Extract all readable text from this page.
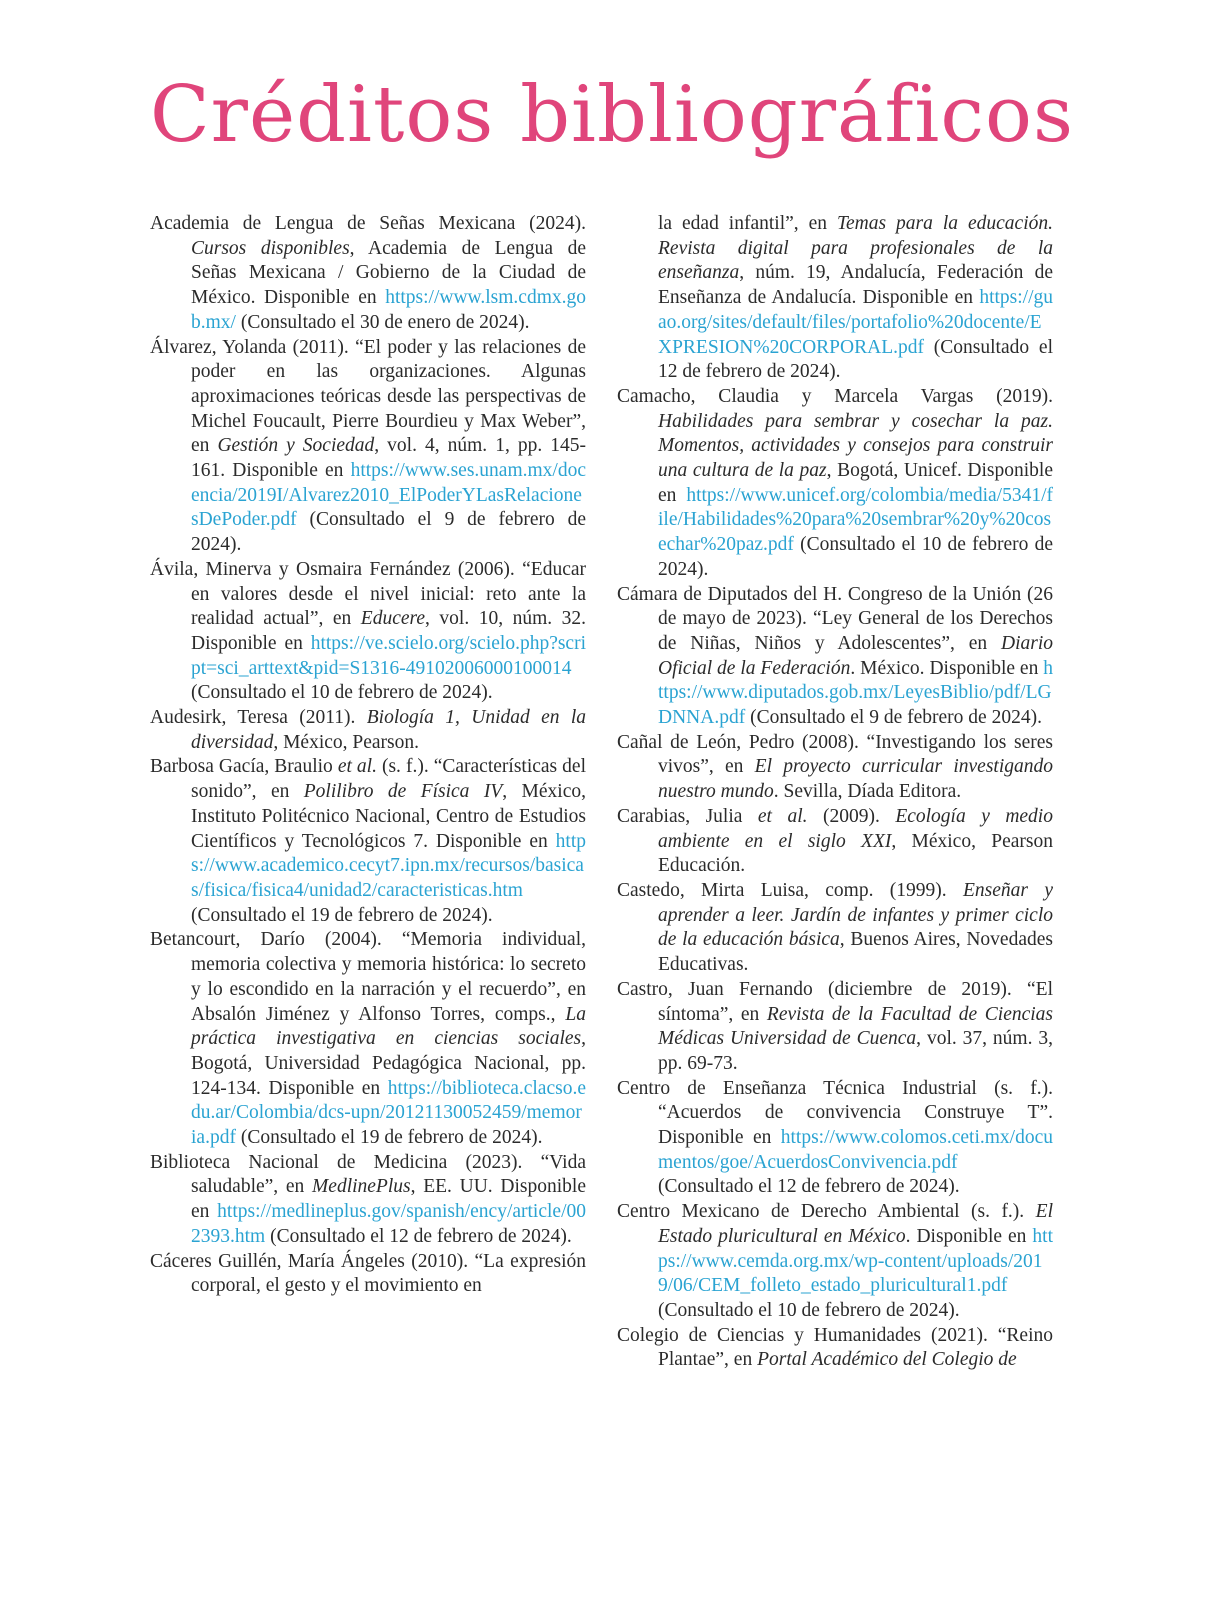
Créditos bibliográficos

Academia de Lengua de Señas Mexicana (2024). Cursos disponibles, Academia de Lengua de Señas Mexicana / Gobierno de la Ciudad de México. Disponible en https://www.lsm.cdmx.gob.mx/ (Consultado el 30 de enero de 2024).

Álvarez, Yolanda (2011). “El poder y las relaciones de poder en las organizaciones. Algunas aproximaciones teóricas desde las perspectivas de Michel Foucault, Pierre Bourdieu y Max Weber”, en Gestión y Sociedad, vol. 4, núm. 1, pp. 145-161. Disponible en https://www.ses.unam.mx/docencia/2019I/Alvarez2010_ElPoderYLasRelacionesDePoder.pdf (Consultado el 9 de febrero de 2024).

Ávila, Minerva y Osmaira Fernández (2006). “Educar en valores desde el nivel inicial: reto ante la realidad actual”, en Educere, vol. 10, núm. 32. Disponible en https://ve.scielo.org/scielo.php?script=sci_arttext&pid=S1316-49102006000100014 (Consultado el 10 de febrero de 2024).

Audesirk, Teresa (2011). Biología 1, Unidad en la diversidad, México, Pearson.

Barbosa Gacía, Braulio et al. (s. f.). “Características del sonido”, en Polilibro de Física IV, México, Instituto Politécnico Nacional, Centro de Estudios Científicos y Tecnológicos 7. Disponible en https://www.academico.cecyt7.ipn.mx/recursos/basicas/fisica/fisica4/unidad2/caracteristicas.htm (Consultado el 19 de febrero de 2024).

Betancourt, Darío (2004). “Memoria individual, memoria colectiva y memoria histórica: lo secreto y lo escondido en la narración y el recuerdo”, en Absalón Jiménez y Alfonso Torres, comps., La práctica investigativa en ciencias sociales, Bogotá, Universidad Pedagógica Nacional, pp. 124-134. Disponible en https://biblioteca.clacso.edu.ar/Colombia/dcs-upn/20121130052459/memoria.pdf (Consultado el 19 de febrero de 2024).

Biblioteca Nacional de Medicina (2023). “Vida saludable”, en MedlinePlus, EE. UU. Disponible en https://medlineplus.gov/spanish/ency/article/002393.htm (Consultado el 12 de febrero de 2024).

Cáceres Guillén, María Ángeles (2010). “La expresión corporal, el gesto y el movimiento en

la edad infantil”, en Temas para la educación. Revista digital para profesionales de la enseñanza, núm. 19, Andalucía, Federación de Enseñanza de Andalucía. Disponible en https://guao.org/sites/default/files/portafolio%20docente/EXPRESION%20CORPORAL.pdf (Consultado el 12 de febrero de 2024).

Camacho, Claudia y Marcela Vargas (2019). Habilidades para sembrar y cosechar la paz. Momentos, actividades y consejos para construir una cultura de la paz, Bogotá, Unicef. Disponible en https://www.unicef.org/colombia/media/5341/file/Habilidades%20para%20sembrar%20y%20cosechar%20paz.pdf (Consultado el 10 de febrero de 2024).

Cámara de Diputados del H. Congreso de la Unión (26 de mayo de 2023). “Ley General de los Derechos de Niñas, Niños y Adolescentes”, en Diario Oficial de la Federación. México. Disponible en https://www.diputados.gob.mx/LeyesBiblio/pdf/LGDNNA.pdf (Consultado el 9 de febrero de 2024).

Cañal de León, Pedro (2008). “Investigando los seres vivos”, en El proyecto curricular investigando nuestro mundo. Sevilla, Díada Editora.

Carabias, Julia et al. (2009). Ecología y medio ambiente en el siglo XXI, México, Pearson Educación.

Castedo, Mirta Luisa, comp. (1999). Enseñar y aprender a leer. Jardín de infantes y primer ciclo de la educación básica, Buenos Aires, Novedades Educativas.

Castro, Juan Fernando (diciembre de 2019). “El síntoma”, en Revista de la Facultad de Ciencias Médicas Universidad de Cuenca, vol. 37, núm. 3, pp. 69-73.

Centro de Enseñanza Técnica Industrial (s. f.). “Acuerdos de convivencia Construye T”. Disponible en https://www.colomos.ceti.mx/documentos/goe/AcuerdosConvivencia.pdf (Consultado el 12 de febrero de 2024).

Centro Mexicano de Derecho Ambiental (s. f.). El Estado pluricultural en México. Disponible en https://www.cemda.org.mx/wp-content/uploads/2019/06/CEM_folleto_estado_pluricultural1.pdf (Consultado el 10 de febrero de 2024).

Colegio de Ciencias y Humanidades (2021). “Reino Plantae”, en Portal Académico del Colegio de
